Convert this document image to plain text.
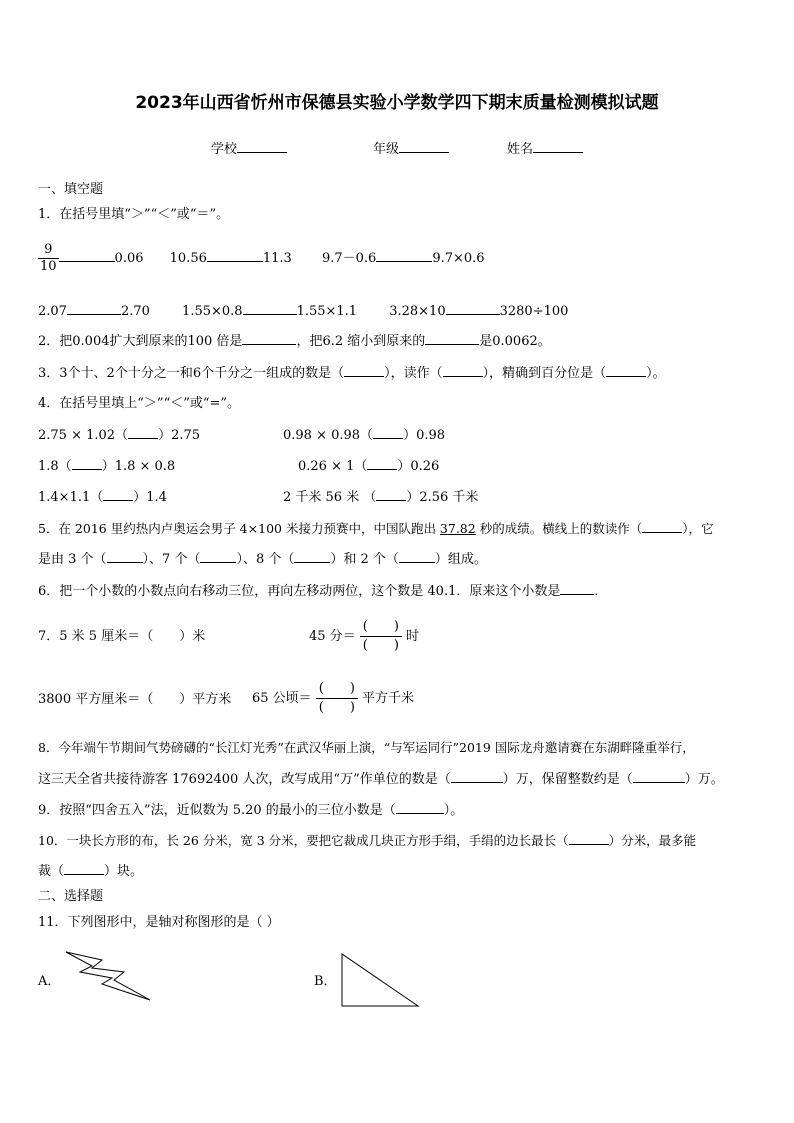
2023年山西省忻州市保德县实验小学数学四下期末质量检测模拟试题
学校	年级	姓名
一、填空题
1．在括号里填“＞”“＜”或“＝”。
$\frac{9}{10}$	0.06 10.56	11.3 9.7－0.6	9.7×0.6
2.07	2.70 1.55×0.8	1.55×1.1 3.28×10	3280÷100
2．把0.004扩大到原来的100 倍是	，把6.2 缩小到原来的	是0.0062。
3．3个十、2个十分之一和6个千分之一组成的数是（	），读作（	），精确到百分位是（	）。
4．在括号里填上“＞”“＜”或“=”。
2.75 × 1.02（ ）2.75	0.98 × 0.98（ ）0.98
1.8（ ）1.8 × 0.8	0.26 × 1（ ）0.26
1.4×1.1（ ）1.4	2 千米 56 米 （ ）2.56 千米
5．在 2016 里约热内卢奥运会男子 4×100 米接力预赛中，中国队跑出 37.82 秒的成绩。横线上的数读作（	），它
是由 3 个（	）、7 个（	）、8 个（	）和 2 个（	）组成。
6．把一个小数的小数点向右移动三位，再向左移动两位，这个数是 40.1．原来这个小数是	．
7．5 米 5 厘米＝（ ）米	45 分＝ $\frac{( )}{( )}$ 时
3800 平方厘米＝（ ）平方米 65 公顷＝ $\frac{( )}{( )}$ 平方千米
8．今年端午节期间气势磅礴的“长江灯光秀”在武汉华丽上演，“与军运同行”2019 国际龙舟邀请赛在东湖畔隆重举行，
这三天全省共接待游客 17692400 人次，改写成用“万”作单位的数是（	）万，保留整数约是（	）万。
9．按照“四舍五入”法，近似数为 5.20 的最小的三位小数是（	）。
10．一块长方形的布，长 26 分米，宽 3 分米，要把它裁成几块正方形手绢，手绢的边长最长（	）分米，最多能
裁（	）块。
二、选择题
11．下列图形中，是轴对称图形的是（ ）
A．	B．
